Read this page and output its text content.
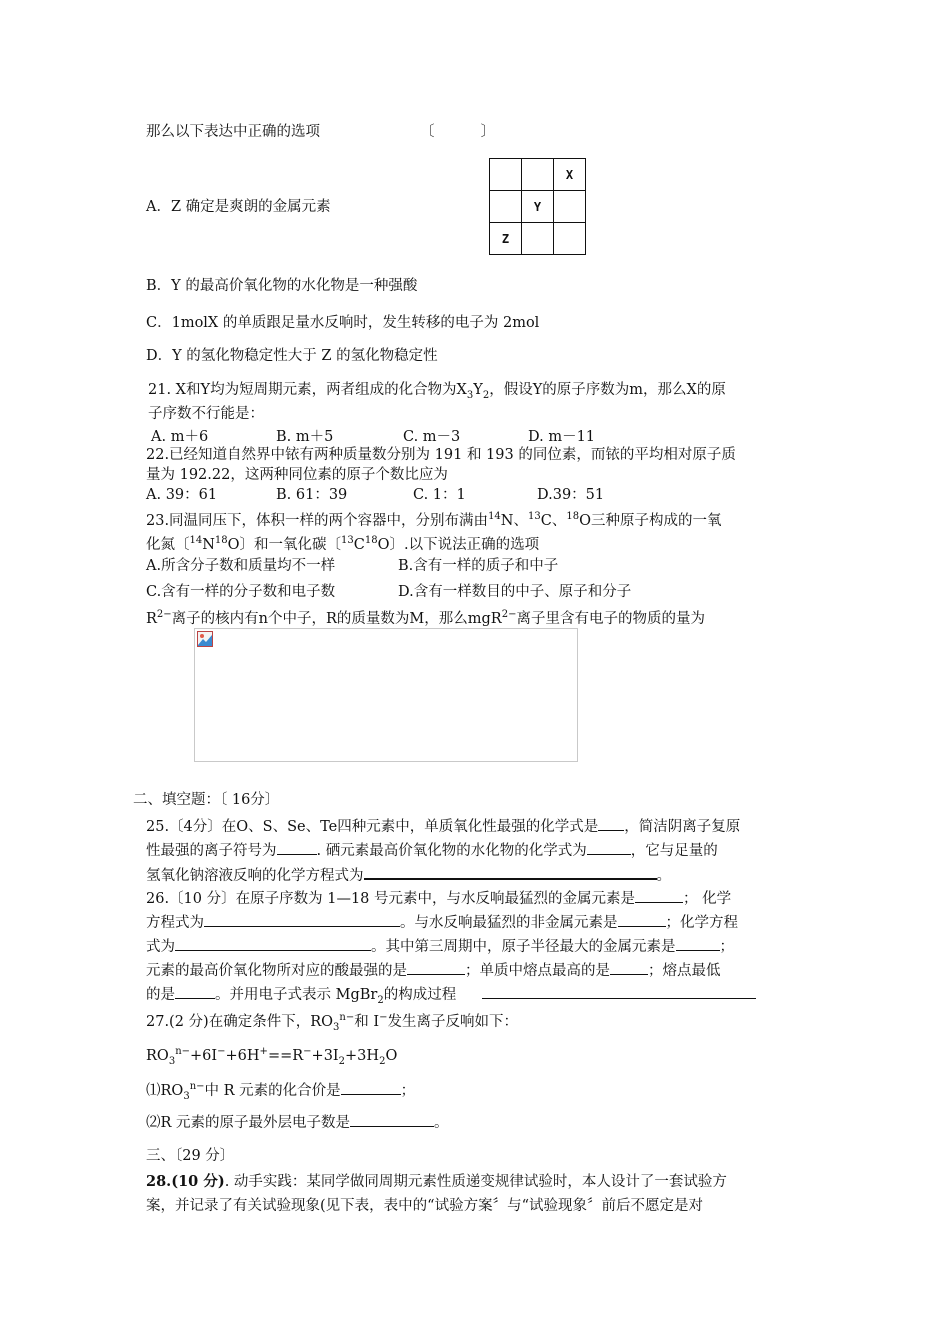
那么以下表达中正确的选项	〔          〕
		X
	Y	
Z		
A．Z 确定是爽朗的金属元素
B．Y 的最高价氧化物的水化物是一种强酸
C．1molX 的单质跟足量水反响时，发生转移的电子为 2mol
D．Y 的氢化物稳定性大于 Z 的氢化物稳定性
21. X和Y均为短周期元素，两者组成的化合物为$X_3Y_2$，假设Y的原子序数为m，那么X的原
子序数不行能是：
A. m＋6	B. m＋5	C. m－3	D. m－11
22.已经知道自然界中铱有两种质量数分别为 191 和 193 的同位素，而铱的平均相对原子质
量为 192.22，这两种同位素的原子个数比应为
A. 39：61	B. 61：39	C. 1：1	D.39：51
23.同温同压下，体积一样的两个容器中，分别布满由$^{14}$N、$^{13}$C、$^{18}$O三种原子构成的一氧
化氮〔$^{14}N^{18}O$〕和一氧化碳〔$^{13}C^{18}O$〕.以下说法正确的选项
A.所含分子数和质量均不一样	B.含有一样的质子和中子
C.含有一样的分子数和电子数	D.含有一样数目的中子、原子和分子
$R^{2-}$离子的核内有n个中子，R的质量数为M，那么mgR$^{2-}$离子里含有电子的物质的量为
二、填空题：〔 16分〕
25.〔4分〕在O、S、Se、Te四种元素中，单质氧化性最强的化学式是 ，简洁阴离子复原
性最强的离子符号为	. 硒元素最高价氧化物的水化物的化学式为	，它与足量的
氢氧化钠溶液反响的化学方程式为	。
26.〔10 分〕在原子序数为 1—18 号元素中，与水反响最猛烈的金属元素是	； 化学
方程式为	。与水反响最猛烈的非金属元素是	；化学方程
式为	。其中第三周期中，原子半径最大的金属元素是	；
元素的最高价氧化物所对应的酸最强的是	；单质中熔点最高的是	；熔点最低
的是	。并用电子式表示 MgBr$_2$的构成过程
27.(2 分)在确定条件下，$RO_3^{n-}$和 I−发生离子反响如下：
$RO_3^{n-}+6I^-+6H^+==R^-+3I_2+3H_2O$
$⑴RO_3^{n-}$中 R 元素的化合价是	；
⑵R 元素的原子最外层电子数是	。
三、〔29 分〕
28.(10 分). 动手实践：某同学做同周期元素性质递变规律试验时，本人设计了一套试验方
案，并记录了有关试验现象(见下表，表中的“试验方案〞与“试验现象〞前后不愿定是对
